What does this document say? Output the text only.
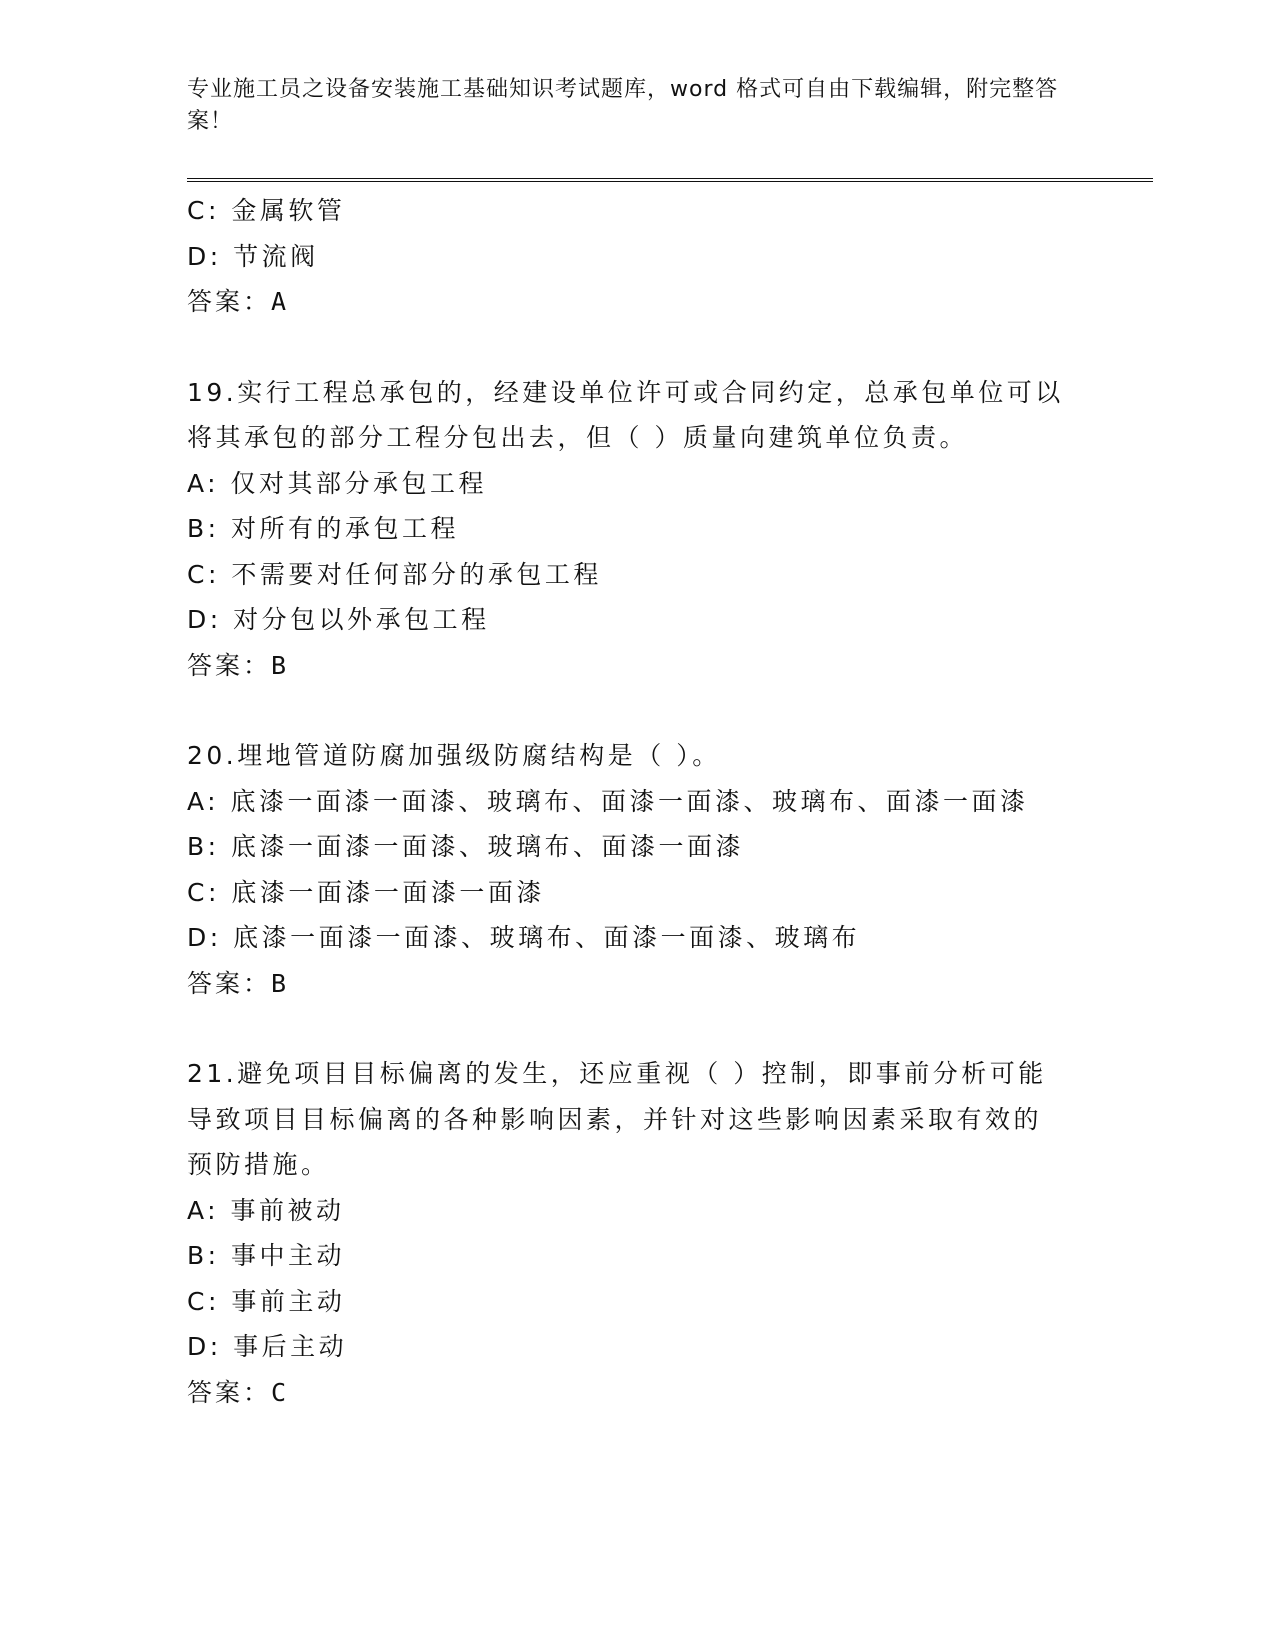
专业施工员之设备安装施工基础知识考试题库，word 格式可自由下载编辑，附完整答案！
C: 金属软管
D: 节流阀
答案：A
19.实行工程总承包的，经建设单位许可或合同约定，总承包单位可以
将其承包的部分工程分包出去，但（ ）质量向建筑单位负责。
A: 仅对其部分承包工程
B: 对所有的承包工程
C: 不需要对任何部分的承包工程
D: 对分包以外承包工程
答案：B
20.埋地管道防腐加强级防腐结构是（ ）。
A: 底漆一面漆一面漆、玻璃布、面漆一面漆、玻璃布、面漆一面漆
B: 底漆一面漆一面漆、玻璃布、面漆一面漆
C: 底漆一面漆一面漆一面漆
D: 底漆一面漆一面漆、玻璃布、面漆一面漆、玻璃布
答案：B
21.避免项目目标偏离的发生，还应重视（ ）控制，即事前分析可能
导致项目目标偏离的各种影响因素，并针对这些影响因素采取有效的
预防措施。
A: 事前被动
B: 事中主动
C: 事前主动
D: 事后主动
答案：C
